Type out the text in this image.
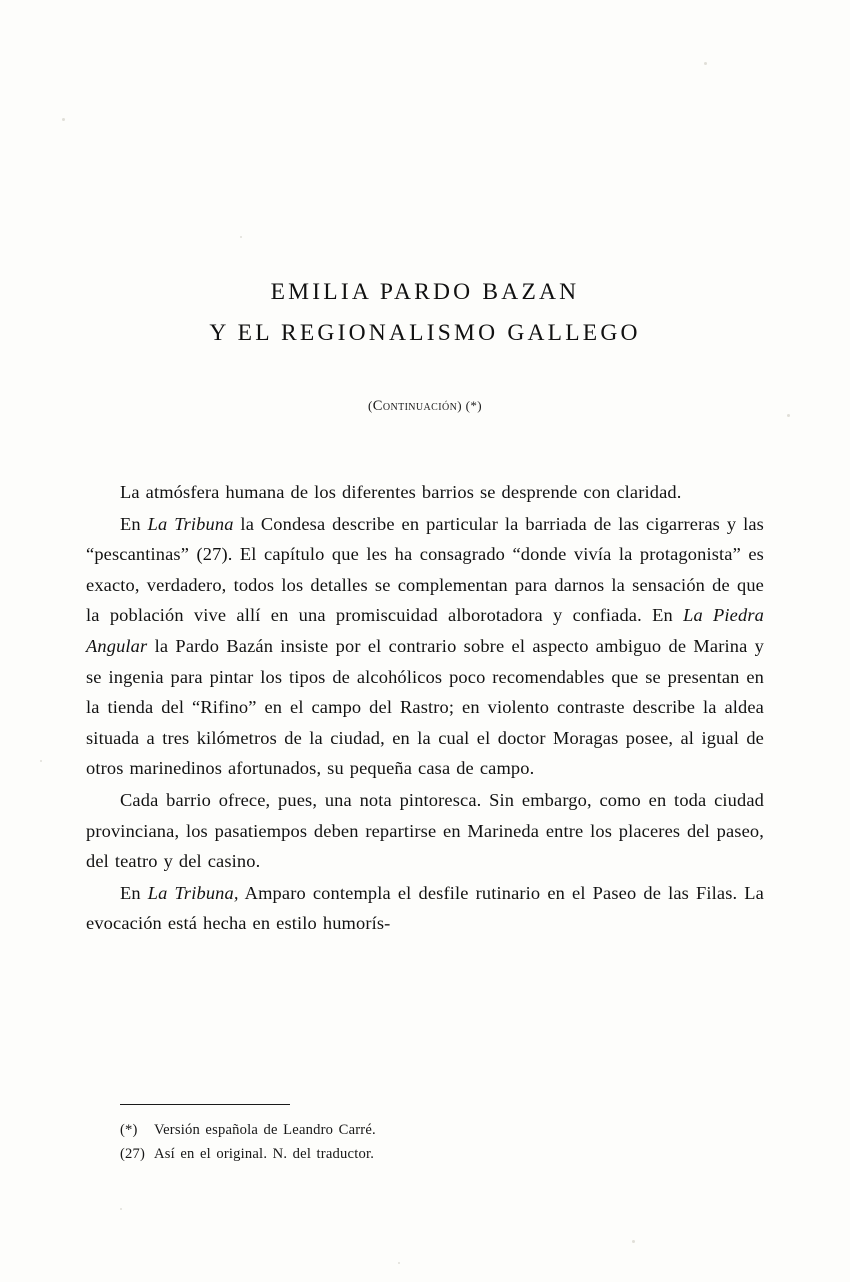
EMILIA PARDO BAZAN
Y EL REGIONALISMO GALLEGO
(Continuación) (*)

La atmósfera humana de los diferentes barrios se desprende con claridad.

En La Tribuna la Condesa describe en particular la barriada de las cigarreras y las “pescantinas” (27). El capítulo que les ha consagrado “donde vivía la protagonista” es exacto, verdadero, todos los detalles se complementan para darnos la sensación de que la población vive allí en una promiscuidad alborotadora y confiada. En La Piedra Angular la Pardo Bazán insiste por el contrario sobre el aspecto ambiguo de Marina y se ingenia para pintar los tipos de alcohólicos poco recomendables que se presentan en la tienda del “Rifino” en el campo del Rastro; en violento contraste describe la aldea situada a tres kilómetros de la ciudad, en la cual el doctor Moragas posee, al igual de otros marinedinos afortunados, su pequeña casa de campo.

Cada barrio ofrece, pues, una nota pintoresca. Sin embargo, como en toda ciudad provinciana, los pasatiempos deben repartirse en Marineda entre los placeres del paseo, del teatro y del casino.

En La Tribuna, Amparo contempla el desfile rutinario en el Paseo de las Filas. La evocación está hecha en estilo humorís-

(*) Versión española de Leandro Carré.
(27) Así en el original. N. del traductor.
